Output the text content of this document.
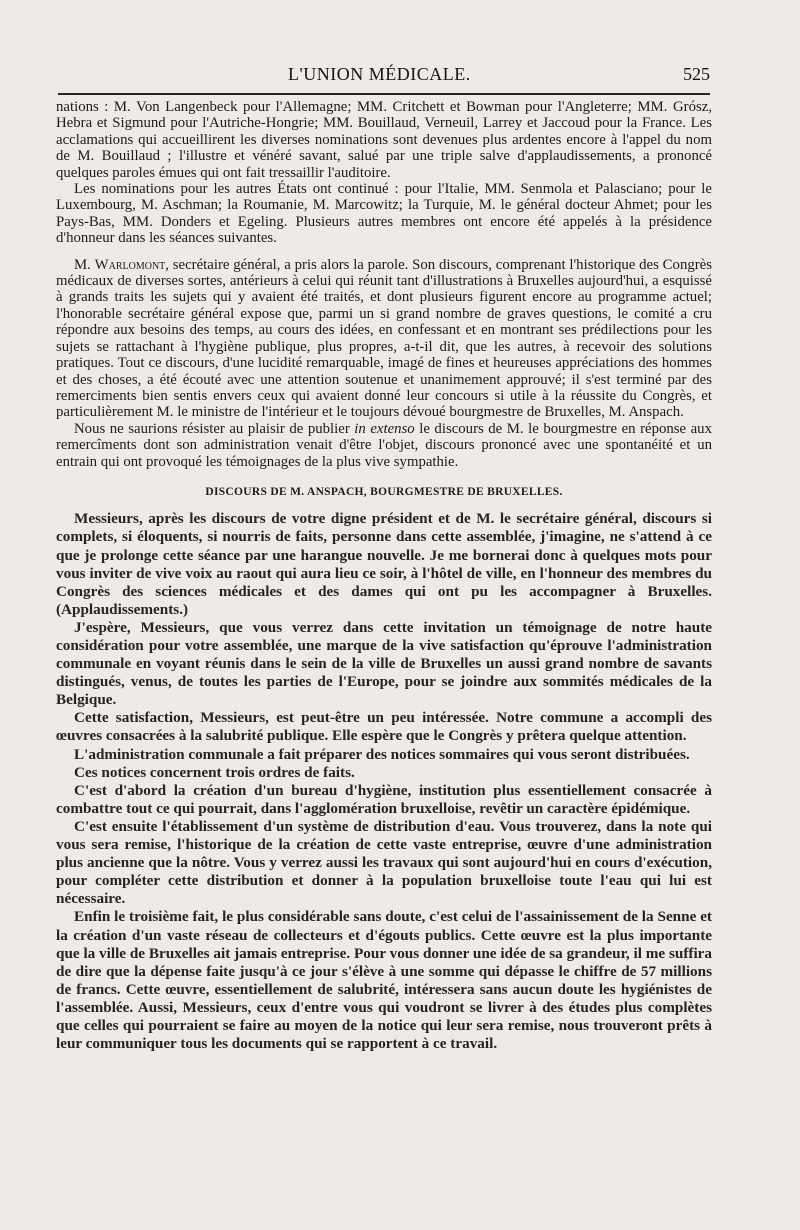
L'UNION MÉDICALE.	525

nations : M. Von Langenbeck pour l'Allemagne; MM. Critchett et Bowman pour l'Angleterre; MM. Grósz, Hebra et Sigmund pour l'Autriche-Hongrie; MM. Bouillaud, Verneuil, Larrey et Jaccoud pour la France. Les acclamations qui accueillirent les diverses nominations sont devenues plus ardentes encore à l'appel du nom de M. Bouillaud ; l'illustre et vénéré savant, salué par une triple salve d'applaudissements, a prononcé quelques paroles émues qui ont fait tressaillir l'auditoire.

Les nominations pour les autres États ont continué : pour l'Italie, MM. Senmola et Palasciano; pour le Luxembourg, M. Aschman; la Roumanie, M. Marcowitz; la Turquie, M. le général docteur Ahmet; pour les Pays-Bas, MM. Donders et Egeling. Plusieurs autres membres ont encore été appelés à la présidence d'honneur dans les séances suivantes.

M. Warlomont, secrétaire général, a pris alors la parole. Son discours, comprenant l'historique des Congrès médicaux de diverses sortes, antérieurs à celui qui réunit tant d'illustrations à Bruxelles aujourd'hui, a esquissé à grands traits les sujets qui y avaient été traités, et dont plusieurs figurent encore au programme actuel; l'honorable secrétaire général expose que, parmi un si grand nombre de graves questions, le comité a cru répondre aux besoins des temps, au cours des idées, en confessant et en montrant ses prédilections pour les sujets se rattachant à l'hygiène publique, plus propres, a-t-il dit, que les autres, à recevoir des solutions pratiques. Tout ce discours, d'une lucidité remarquable, imagé de fines et heureuses appréciations des hommes et des choses, a été écouté avec une attention soutenue et unanimement approuvé; il s'est terminé par des remerciments bien sentis envers ceux qui avaient donné leur concours si utile à la réussite du Congrès, et particulièrement M. le ministre de l'intérieur et le toujours dévoué bourgmestre de Bruxelles, M. Anspach.

Nous ne saurions résister au plaisir de publier in extenso le discours de M. le bourgmestre en réponse aux remercîments dont son administration venait d'être l'objet, discours prononcé avec une spontanéité et un entrain qui ont provoqué les témoignages de la plus vive sympathie.

DISCOURS DE M. ANSPACH, BOURGMESTRE DE BRUXELLES.

Messieurs, après les discours de votre digne président et de M. le secrétaire général, discours si complets, si éloquents, si nourris de faits, personne dans cette assemblée, j'imagine, ne s'attend à ce que je prolonge cette séance par une harangue nouvelle. Je me bornerai donc à quelques mots pour vous inviter de vive voix au raout qui aura lieu ce soir, à l'hôtel de ville, en l'honneur des membres du Congrès des sciences médicales et des dames qui ont pu les accompagner à Bruxelles. (Applaudissements.)

J'espère, Messieurs, que vous verrez dans cette invitation un témoignage de notre haute considération pour votre assemblée, une marque de la vive satisfaction qu'éprouve l'administration communale en voyant réunis dans le sein de la ville de Bruxelles un aussi grand nombre de savants distingués, venus, de toutes les parties de l'Europe, pour se joindre aux sommités médicales de la Belgique.

Cette satisfaction, Messieurs, est peut-être un peu intéressée. Notre commune a accompli des œuvres consacrées à la salubrité publique. Elle espère que le Congrès y prêtera quelque attention.

L'administration communale a fait préparer des notices sommaires qui vous seront distribuées.

Ces notices concernent trois ordres de faits.

C'est d'abord la création d'un bureau d'hygiène, institution plus essentiellement consacrée à combattre tout ce qui pourrait, dans l'agglomération bruxelloise, revêtir un caractère épidémique.

C'est ensuite l'établissement d'un système de distribution d'eau. Vous trouverez, dans la note qui vous sera remise, l'historique de la création de cette vaste entreprise, œuvre d'une administration plus ancienne que la nôtre. Vous y verrez aussi les travaux qui sont aujourd'hui en cours d'exécution, pour compléter cette distribution et donner à la population bruxelloise toute l'eau qui lui est nécessaire.

Enfin le troisième fait, le plus considérable sans doute, c'est celui de l'assainissement de la Senne et la création d'un vaste réseau de collecteurs et d'égouts publics. Cette œuvre est la plus importante que la ville de Bruxelles ait jamais entreprise. Pour vous donner une idée de sa grandeur, il me suffira de dire que la dépense faite jusqu'à ce jour s'élève à une somme qui dépasse le chiffre de 57 millions de francs. Cette œuvre, essentiellement de salubrité, intéressera sans aucun doute les hygiénistes de l'assemblée. Aussi, Messieurs, ceux d'entre vous qui voudront se livrer à des études plus complètes que celles qui pourraient se faire au moyen de la notice qui leur sera remise, nous trouveront prêts à leur communiquer tous les documents qui se rapportent à ce travail.
